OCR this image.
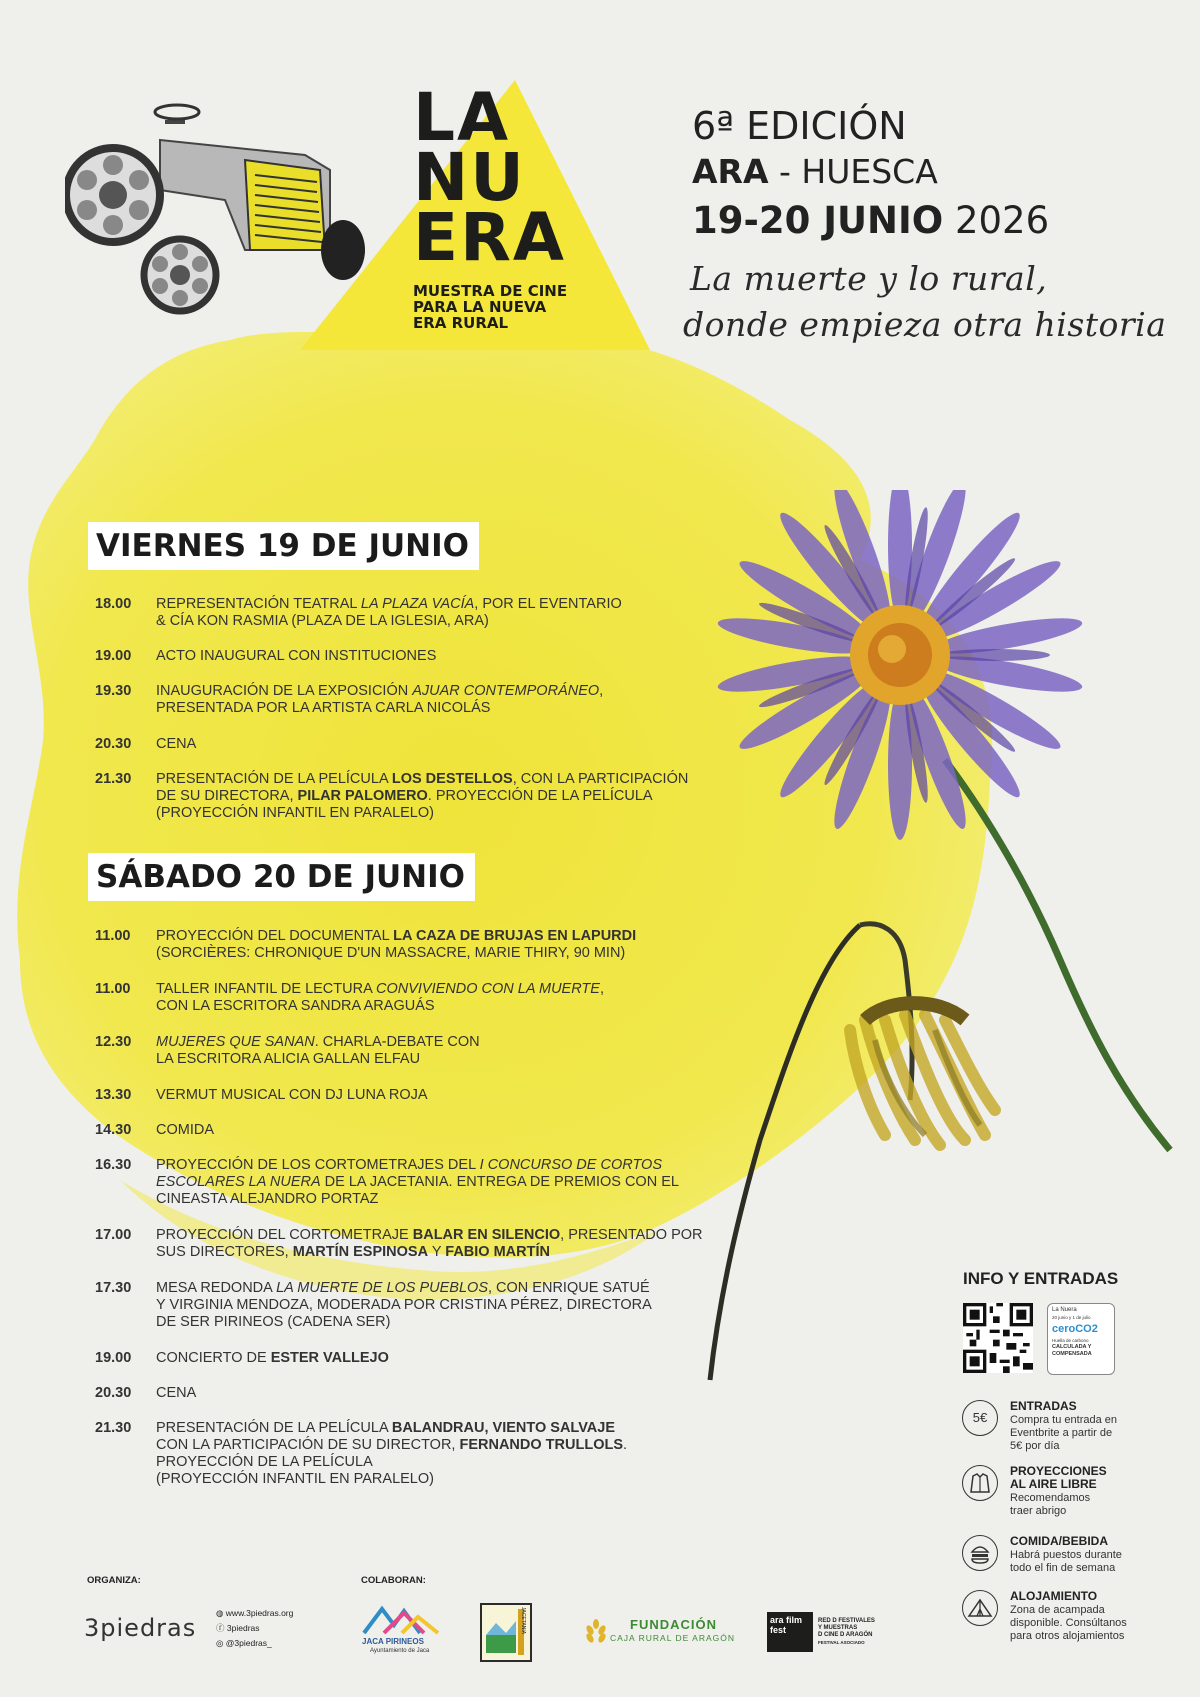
LA
NU
ERA
MUESTRA DE CINE
PARA LA NUEVA
ERA RURAL
6ª EDICIÓN
ARA - HUESCA
19-20 JUNIO 2026
La muerte y lo rural,
donde empieza otra historia
VIERNES 19 DE JUNIO
18.00 REPRESENTACIÓN TEATRAL LA PLAZA VACÍA, POR EL EVENTARIO
& CÍA KON RASMIA (PLAZA DE LA IGLESIA, ARA)
19.00 ACTO INAUGURAL CON INSTITUCIONES
19.30 INAUGURACIÓN DE LA EXPOSICIÓN AJUAR CONTEMPORÁNEO,
PRESENTADA POR LA ARTISTA CARLA NICOLÁS
20.30 CENA
21.30 PRESENTACIÓN DE LA PELÍCULA LOS DESTELLOS, CON LA PARTICIPACIÓN
DE SU DIRECTORA, PILAR PALOMERO. PROYECCIÓN DE LA PELÍCULA
(PROYECCIÓN INFANTIL EN PARALELO)
SÁBADO 20 DE JUNIO
11.00 PROYECCIÓN DEL DOCUMENTAL LA CAZA DE BRUJAS EN LAPURDI
(SORCIÈRES: CHRONIQUE D'UN MASSACRE, MARIE THIRY, 90 MIN)
11.00 TALLER INFANTIL DE LECTURA CONVIVIENDO CON LA MUERTE,
CON LA ESCRITORA SANDRA ARAGUÁS
12.30 MUJERES QUE SANAN. CHARLA-DEBATE CON
LA ESCRITORA ALICIA GALLAN ELFAU
13.30 VERMUT MUSICAL CON DJ LUNA ROJA
14.30 COMIDA
16.30 PROYECCIÓN DE LOS CORTOMETRAJES DEL I CONCURSO DE CORTOS
ESCOLARES LA NUERA DE LA JACETANIA. ENTREGA DE PREMIOS CON EL
CINEASTA ALEJANDRO PORTAZ
17.00 PROYECCIÓN DEL CORTOMETRAJE BALAR EN SILENCIO, PRESENTADO POR
SUS DIRECTORES, MARTÍN ESPINOSA Y FABIO MARTÍN
17.30 MESA REDONDA LA MUERTE DE LOS PUEBLOS, CON ENRIQUE SATUÉ
Y VIRGINIA MENDOZA, MODERADA POR CRISTINA PÉREZ, DIRECTORA
DE SER PIRINEOS (CADENA SER)
19.00 CONCIERTO DE ESTER VALLEJO
20.30 CENA
21.30 PRESENTACIÓN DE LA PELÍCULA BALANDRAU, VIENTO SALVAJE
CON LA PARTICIPACIÓN DE SU DIRECTOR, FERNANDO TRULLOLS.
PROYECCIÓN DE LA PELÍCULA
(PROYECCIÓN INFANTIL EN PARALELO)
INFO Y ENTRADAS
La Nuera
20 junio y 1 de julio
ceroCO2
Huella de carbono
CALCULADA Y
COMPENSADA
5€
ENTRADAS
Compra tu entrada en
Eventbrite a partir de
5€ por día
PROYECCIONES
AL AIRE LIBRE
Recomendamos
traer abrigo
COMIDA/BEBIDA
Habrá puestos durante
todo el fin de semana
ALOJAMIENTO
Zona de acampada
disponible. Consúltanos
para otros alojamientos
ORGANIZA:	COLABORAN:
3piedras
◍ www.3piedras.org
ⓕ 3piedras
◎ @3piedras_	JACA PIRINEOS
Ayuntamiento de Jaca
JACETANIA	FUNDACIÓN
CAJA RURAL DE ARAGÓN
ara film fest
RED D FESTIVALES
Y MUESTRAS
D CINE D ARAGÓN
FESTIVAL ASOCIADO
